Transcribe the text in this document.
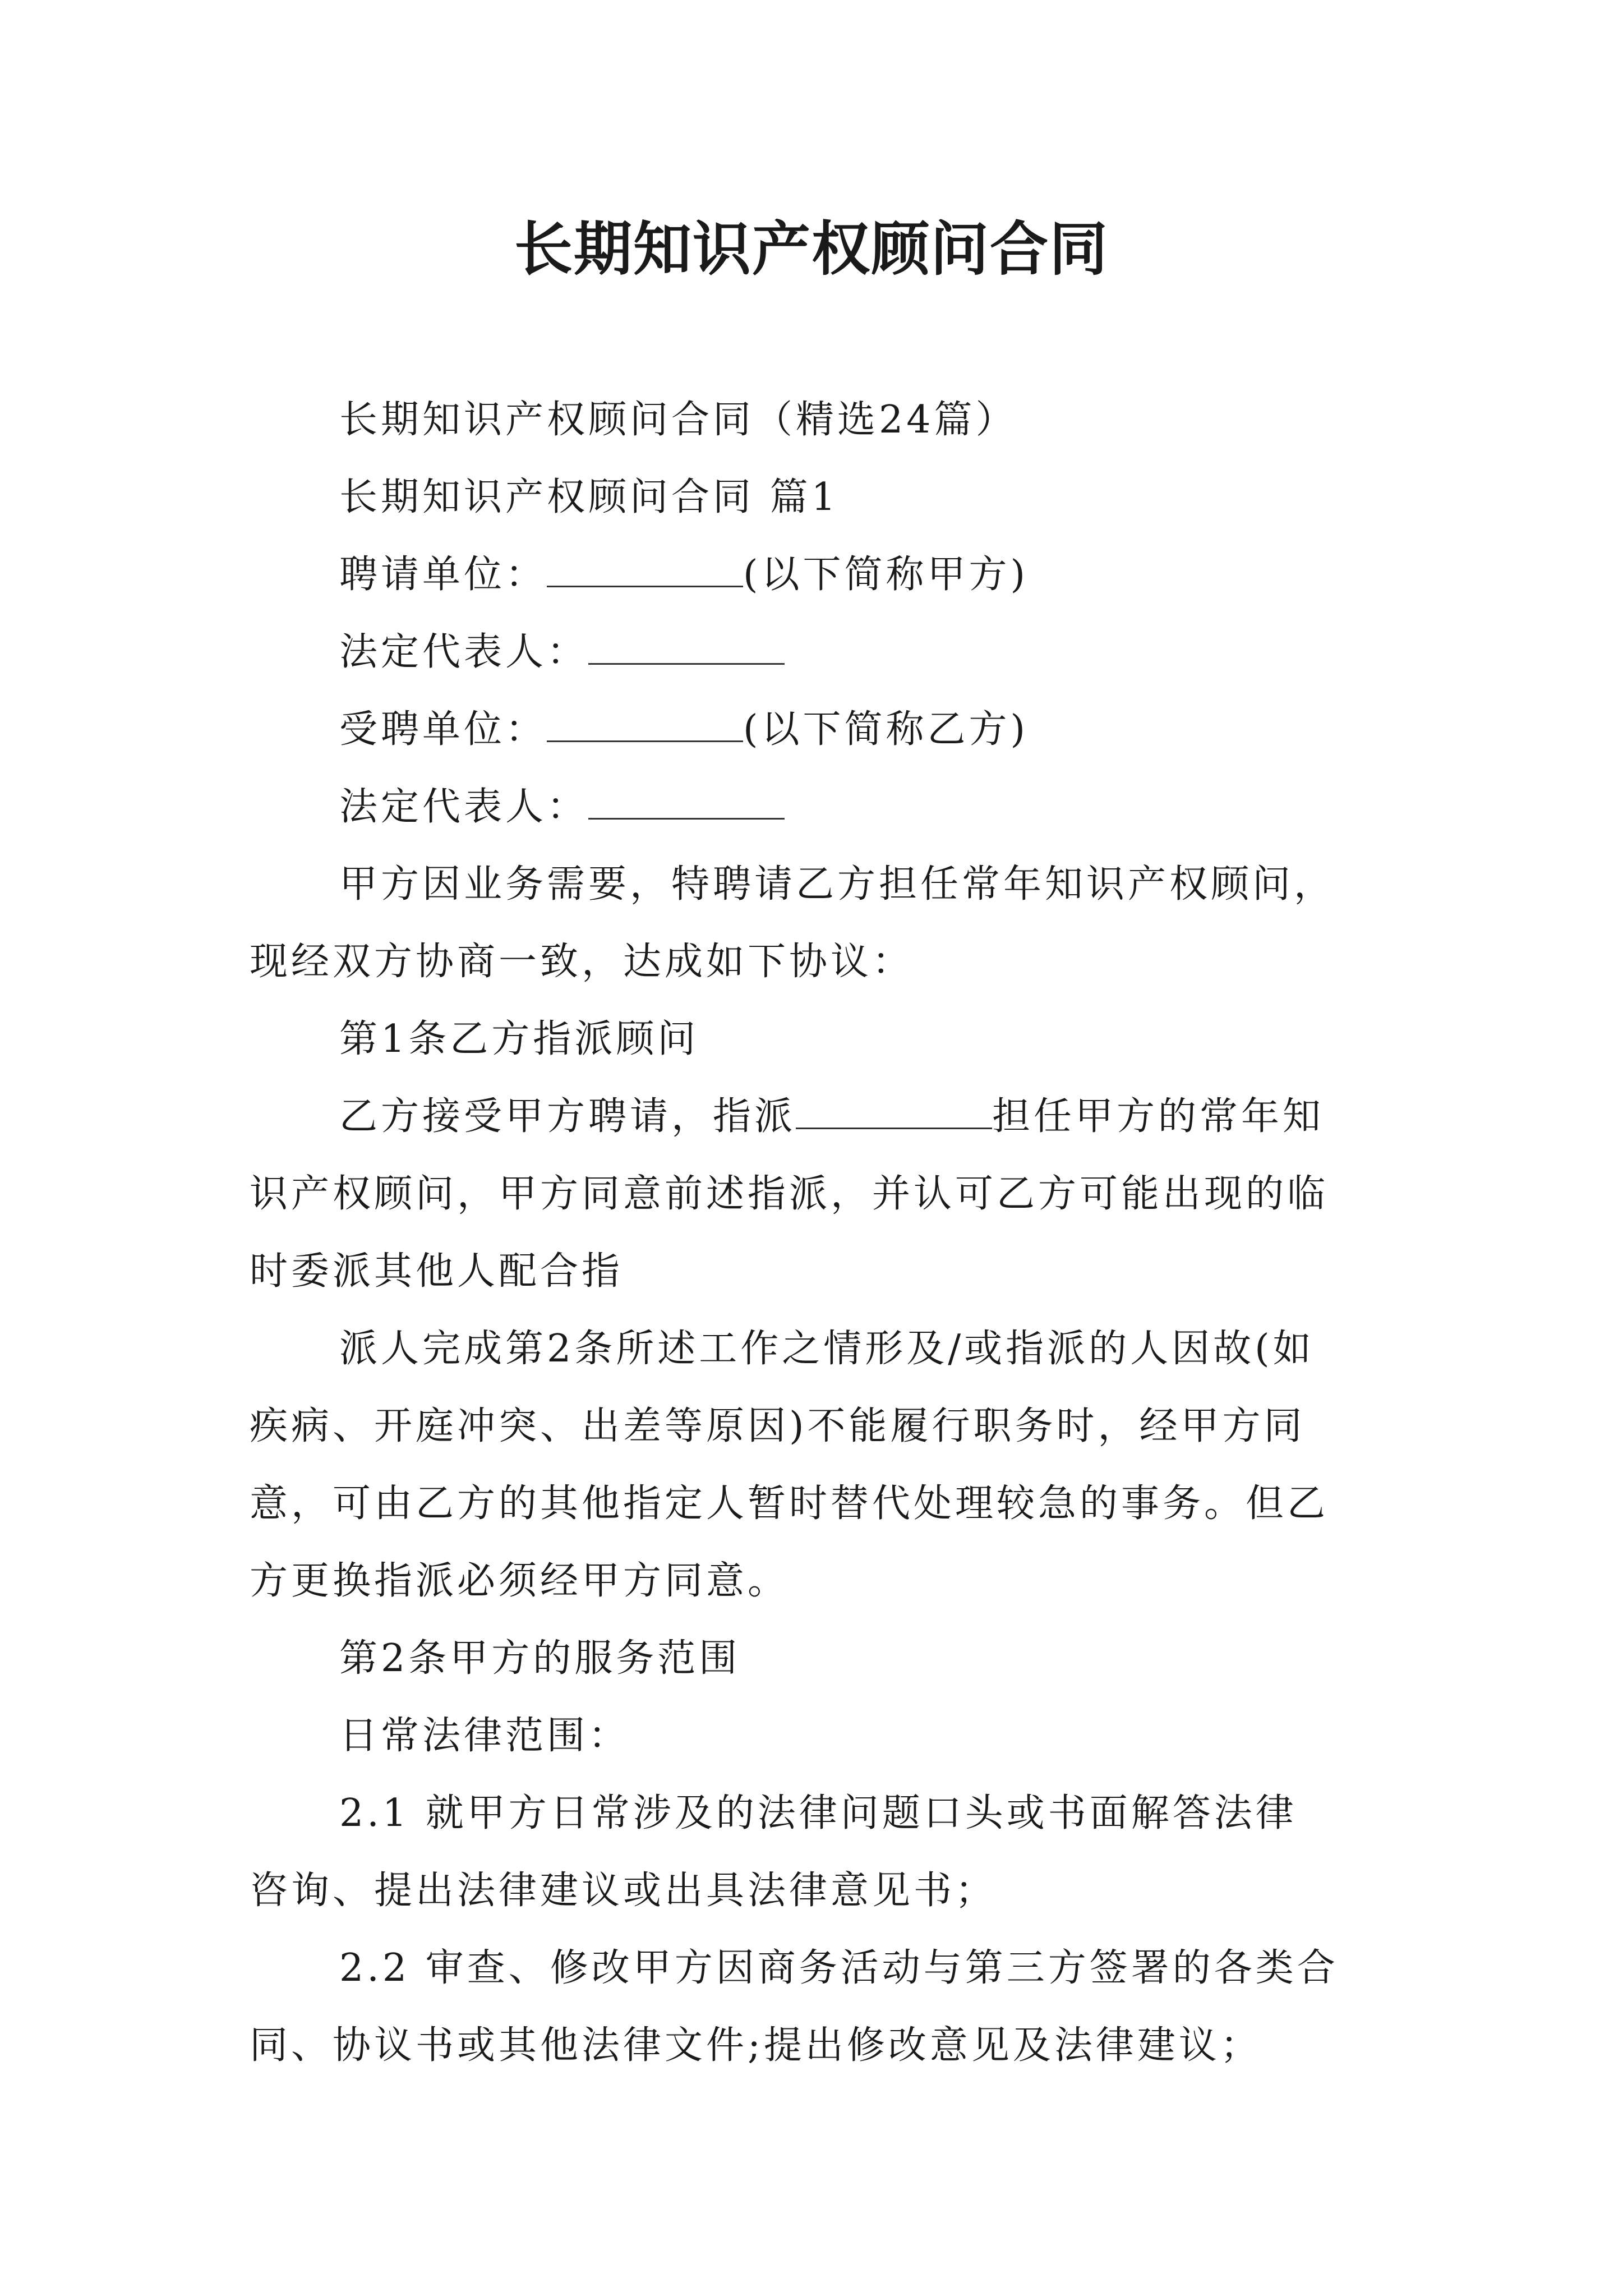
长期知识产权顾问合同
长期知识产权顾问合同（精选24篇）
长期知识产权顾问合同 篇1
聘请单位：	(以下简称甲方)
法定代表人：
受聘单位：	(以下简称乙方)
法定代表人：
甲方因业务需要，特聘请乙方担任常年知识产权顾问，
现经双方协商一致，达成如下协议：
第1条乙方指派顾问
乙方接受甲方聘请，指派	担任甲方的常年知
识产权顾问，甲方同意前述指派，并认可乙方可能出现的临
时委派其他人配合指
派人完成第2条所述工作之情形及/或指派的人因故(如
疾病、开庭冲突、出差等原因)不能履行职务时，经甲方同
意，可由乙方的其他指定人暂时替代处理较急的事务。但乙
方更换指派必须经甲方同意。
第2条甲方的服务范围
日常法律范围：
2.1 就甲方日常涉及的法律问题口头或书面解答法律
咨询、提出法律建议或出具法律意见书；
2.2 审查、修改甲方因商务活动与第三方签署的各类合
同、协议书或其他法律文件;提出修改意见及法律建议；
